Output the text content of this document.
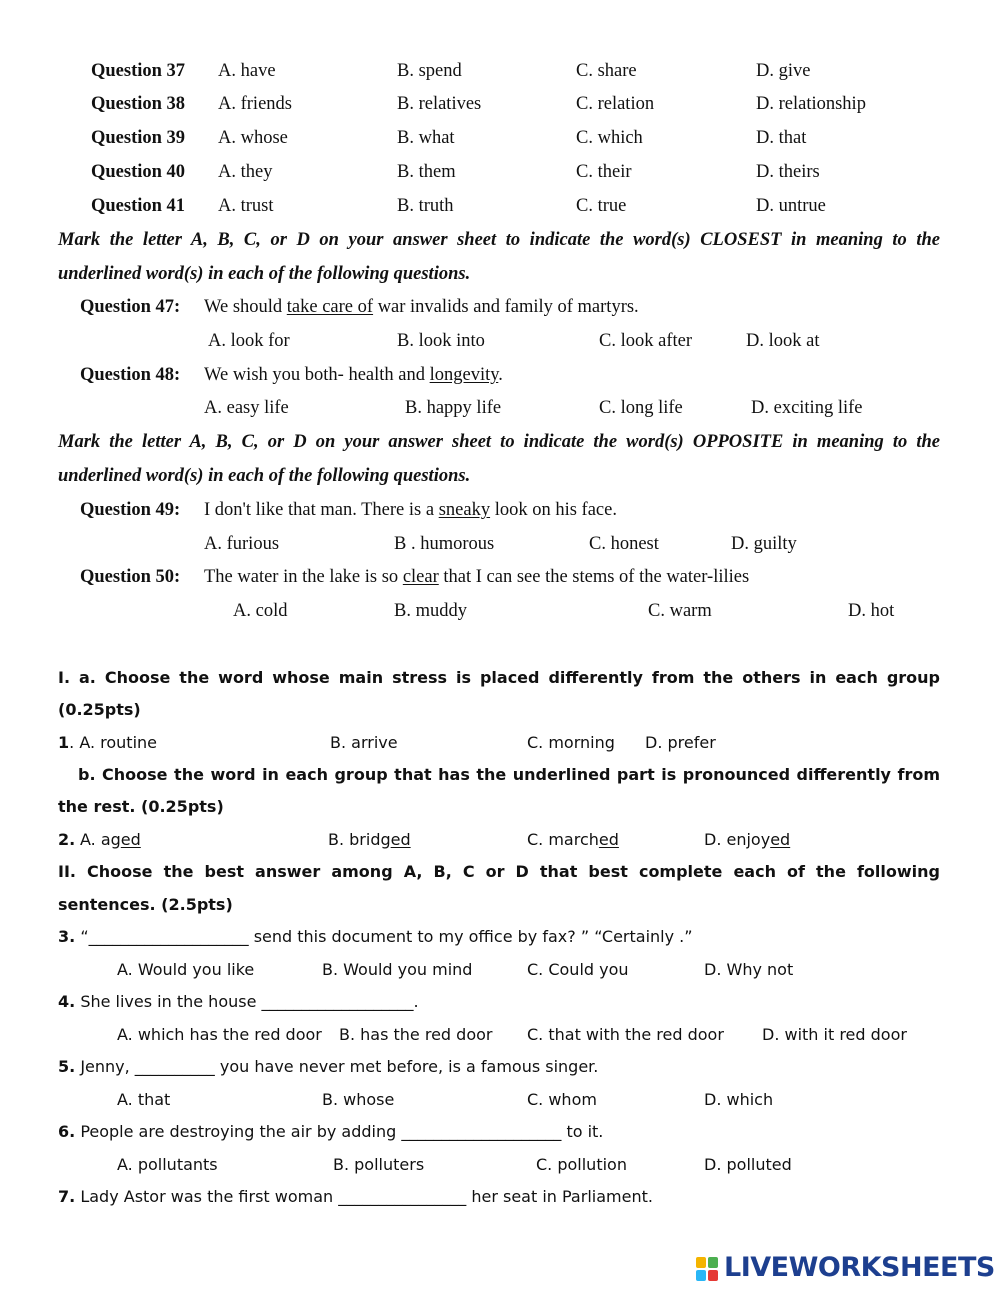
Question 37 A. have	B. spend	C. share	D. give
Question 38 A. friends	B. relatives	C. relation	D. relationship
Question 39 A. whose	B. what	C. which	D. that
Question 40 A. they	B. them	C. their	D. theirs
Question 41 A. trust	B. truth	C. true	D. untrue
Mark the letter A, B, C, or D on your answer sheet to indicate the word(s) CLOSEST in meaning to the
underlined word(s) in each of the following questions.
Question 47: We should take care of war invalids and family of martyrs.
A. look for	B. look into	C. look after	D. look at
Question 48: We wish you both- health and longevity.
A. easy life	B. happy life	C. long life	D. exciting life
Mark the letter A, B, C, or D on your answer sheet to indicate the word(s) OPPOSITE in meaning to the
underlined word(s) in each of the following questions.
Question 49: I don't like that man. There is a sneaky look on his face.
A. furious	B . humorous	C. honest	D. guilty
Question 50: The water in the lake is so clear that I can see the stems of the water-lilies
A. cold	B. muddy	C. warm	D. hot
I. a. Choose the word whose main stress is placed differently from the others in each group
(0.25pts)
1. A. routine	B. arrive	C. morning D. prefer
b. Choose the word in each group that has the underlined part is pronounced differently from
the rest. (0.25pts)
2. A. aged	B. bridged	C. marched	D. enjoyed
II. Choose the best answer among A, B, C or D that best complete each of the following
sentences. (2.5pts)
3. “____________________ send this document to my office by fax? ” “Certainly .”
A. Would you like	B. Would you mind	C. Could you	D. Why not
4. She lives in the house ___________________.
A. which has the red door B. has the red door C. that with the red door D. with it red door
5. Jenny, __________ you have never met before, is a famous singer.
A. that	B. whose	C. whom	D. which
6. People are destroying the air by adding ____________________ to it.
A. pollutants	B. polluters	C. pollution	D. polluted
7. Lady Astor was the first woman ________________ her seat in Parliament.
LIVEWORKSHEETS
